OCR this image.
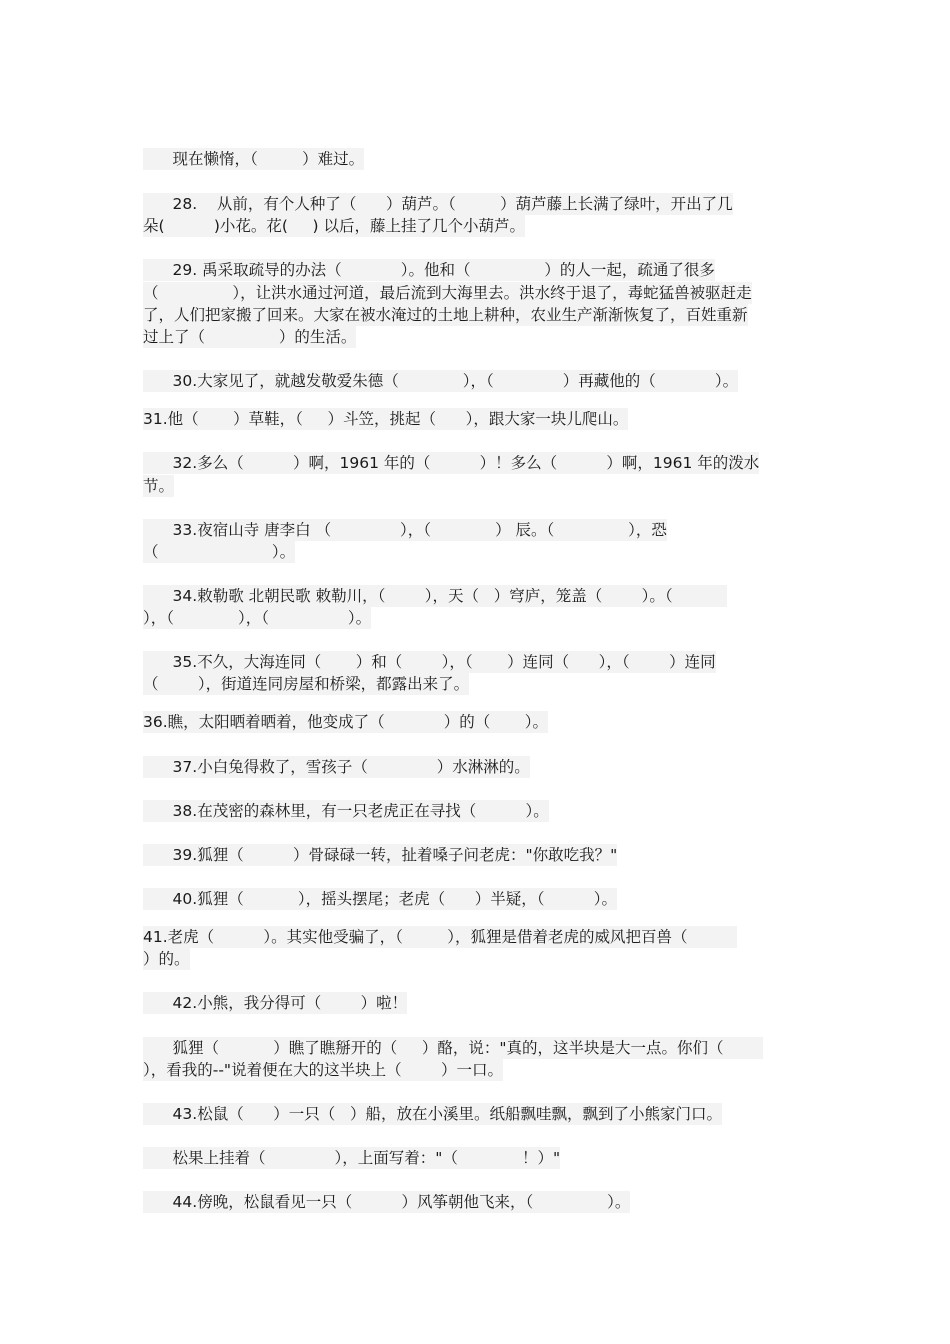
现在懒惰，（         ）难过。
28.    从前，有个人种了（      ）葫芦。（         ）葫芦藤上长满了绿叶，开出了几
朵(          )小花。花(     ) 以后，藤上挂了几个小葫芦。
29. 禹采取疏导的办法（            ）。他和（               ）的人一起，疏通了很多
（               ），让洪水通过河道，最后流到大海里去。洪水终于退了，毒蛇猛兽被驱赶走
了，人们把家搬了回来。大家在被水淹过的土地上耕种，农业生产渐渐恢复了，百姓重新
过上了（               ）的生活。
30.大家见了，就越发敬爱朱德（             ），（              ）再藏他的（            ）。
31.他（       ）草鞋，（     ）斗笠，挑起（      ），跟大家一块儿爬山。
32.多么（          ）啊，1961 年的（          ）！多么（          ）啊，1961 年的泼水
节。
33.夜宿山寺 唐李白 （              ），（             ） 辰。（               ），恐
（                       ）。
34.敕勒歌 北朝民歌 敕勒川，（        ），天（   ）穹庐，笼盖（        ）。（
），（             ），（                ）。
35.不久，大海连同（       ）和（        ），（       ）连同（      ），（        ）连同
（        ），街道连同房屋和桥梁，都露出来了。
36.瞧，太阳晒着晒着，他变成了（            ）的（       ）。
37.小白兔得救了，雪孩子（              ）水淋淋的。
38.在茂密的森林里，有一只老虎正在寻找（          ）。
39.狐狸（          ）骨碌碌一转，扯着嗓子问老虎："你敢吃我？"
40.狐狸（           ），摇头摆尾；老虎（      ）半疑，（          ）。
41.老虎（          ）。其实他受骗了，（         ），狐狸是借着老虎的威风把百兽（
）的。
42.小熊，我分得可（        ）啦！
狐狸（           ）瞧了瞧掰开的（     ）酪，说："真的，这半块是大一点。你们（
），看我的--"说着便在大的这半块上（        ）一口。
43.松鼠（      ）一只（   ）船，放在小溪里。纸船飘哇飘，飘到了小熊家门口。
松果上挂着（              ），上面写着："（             ！）"
44.傍晚，松鼠看见一只（          ）风筝朝他飞来，（               ）。
